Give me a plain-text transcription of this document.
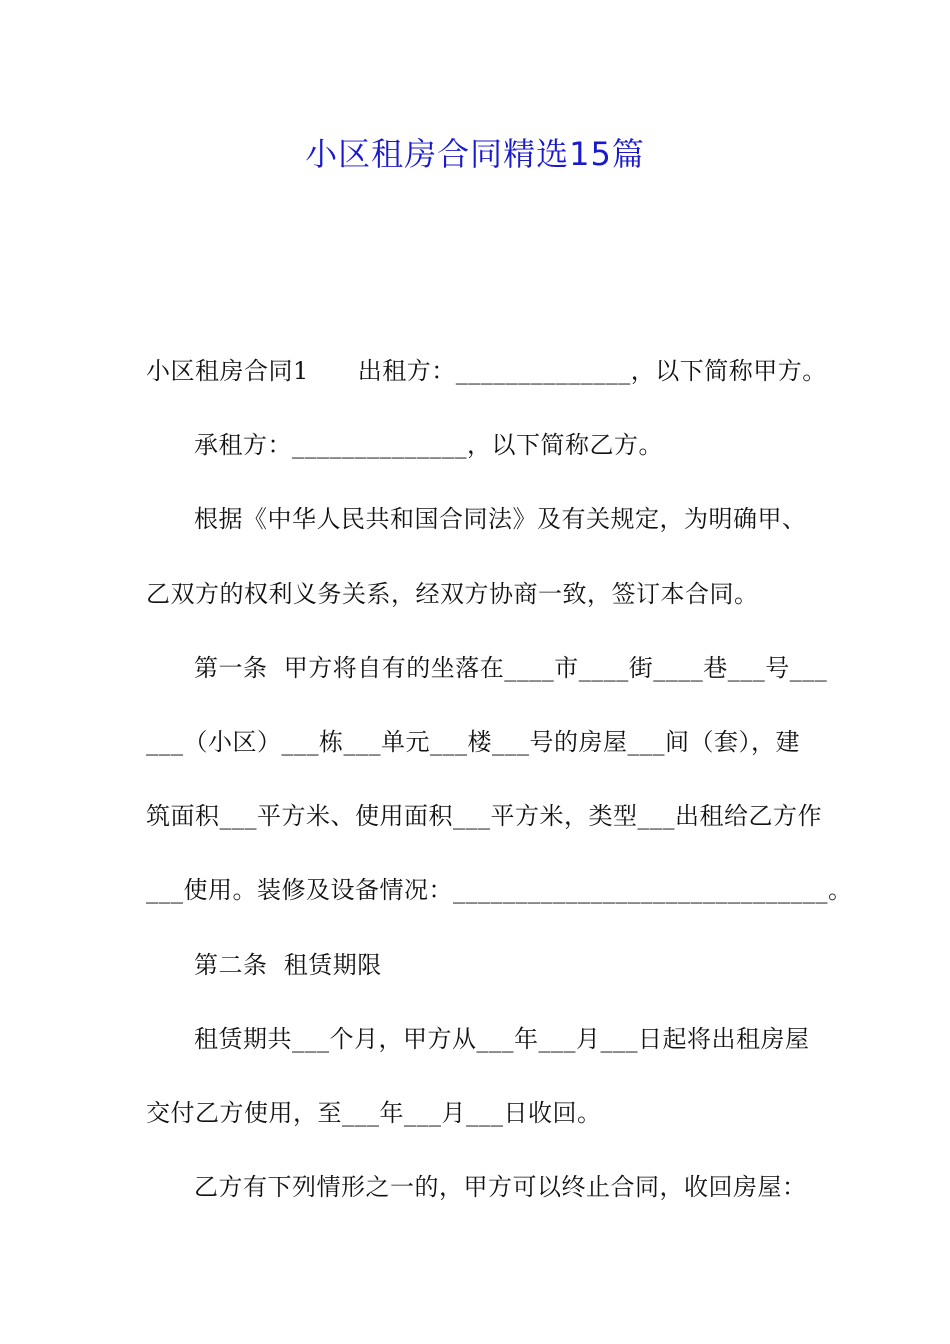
小区租房合同精选15篇

小区租房合同1　　出租方：______________，以下简称甲方。

承租方：______________，以下简称乙方。

根据《中华人民共和国合同法》及有关规定，为明确甲、

乙双方的权利义务关系，经双方协商一致，签订本合同。

第一条  甲方将自有的坐落在____市____街____巷___号___

___（小区）___栋___单元___楼___号的房屋___间（套），建

筑面积___平方米、使用面积___平方米，类型___出租给乙方作

___使用。装修及设备情况：______________________________。

第二条  租赁期限

租赁期共___个月，甲方从___年___月___日起将出租房屋

交付乙方使用，至___年___月___日收回。

乙方有下列情形之一的，甲方可以终止合同，收回房屋：
